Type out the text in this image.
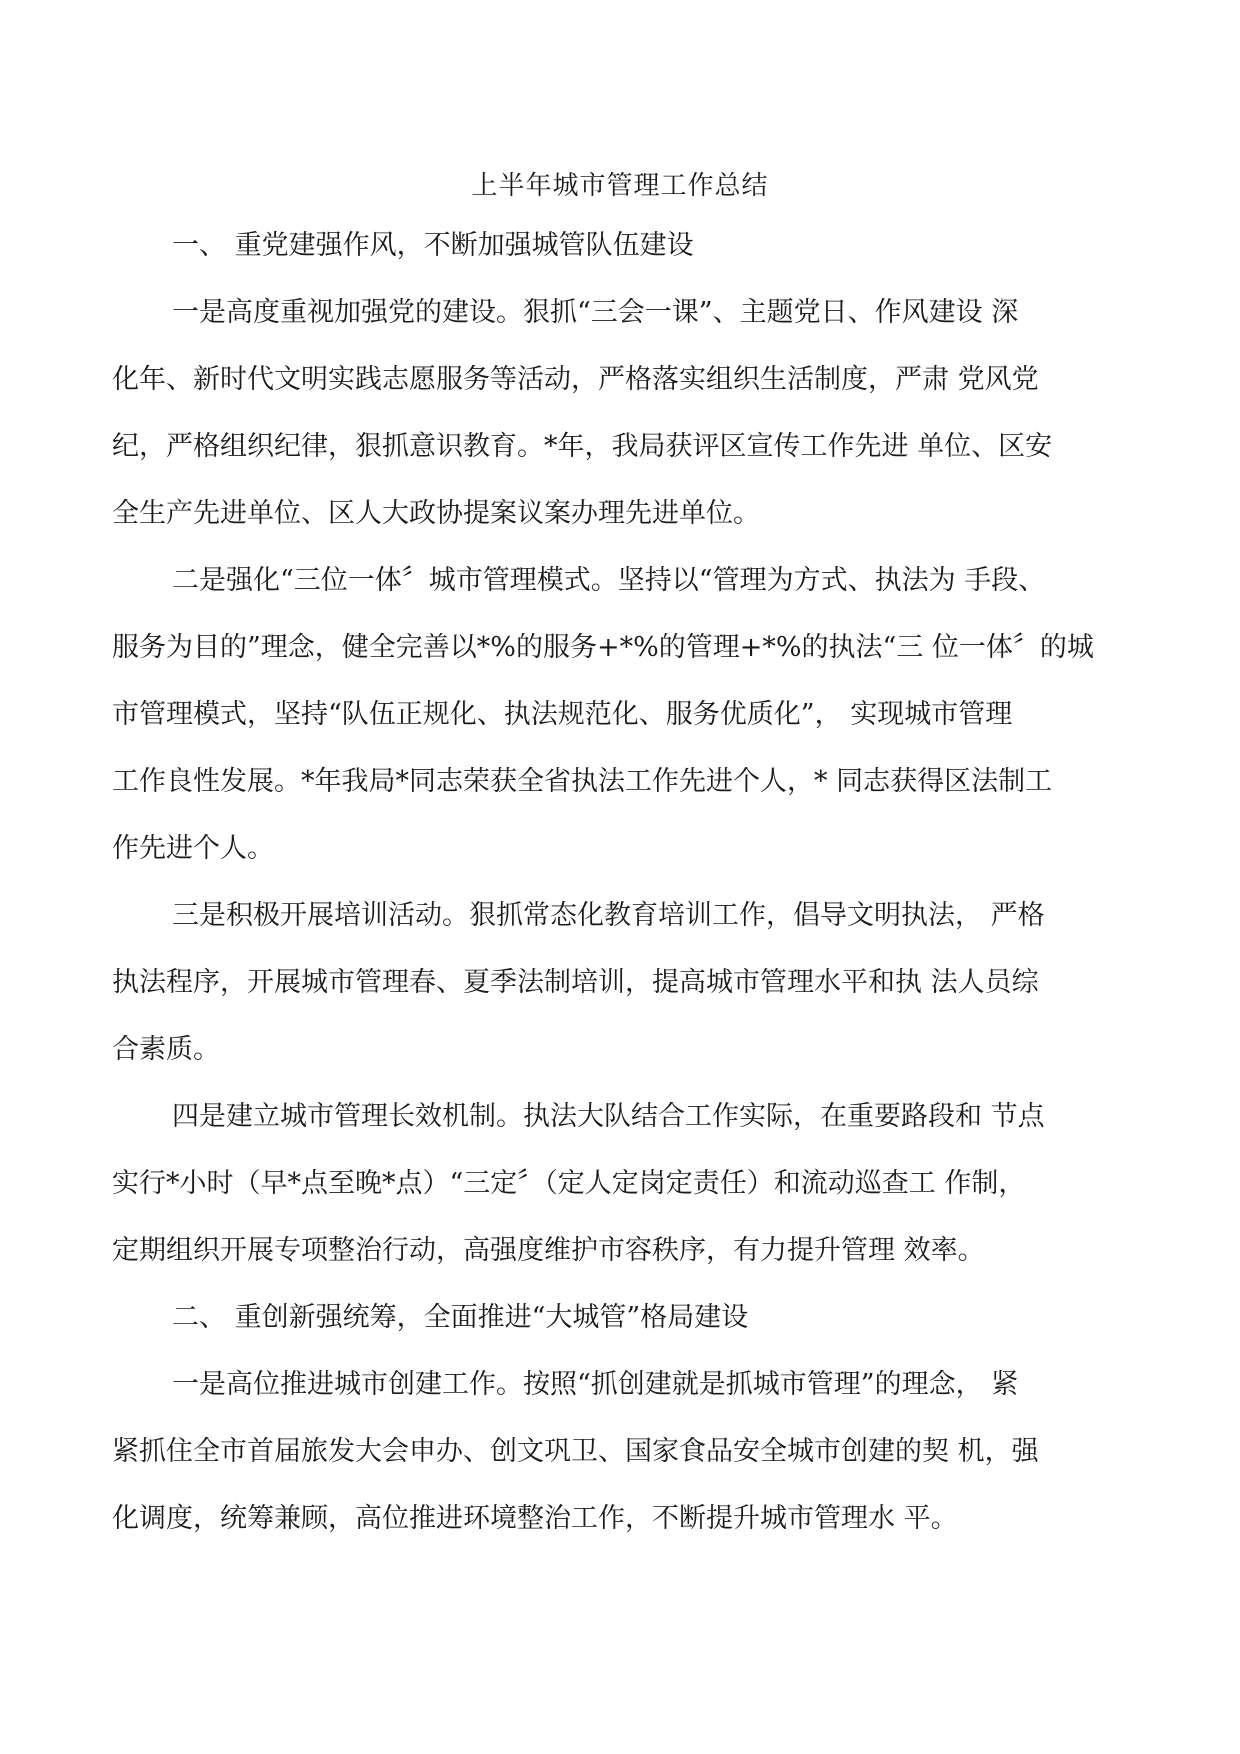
上半年城市管理工作总结
一、 重党建强作风，不断加强城管队伍建设
一是高度重视加强党的建设。狠抓“三会一课”、主题党日、作风建设 深
化年、新时代文明实践志愿服务等活动，严格落实组织生活制度，严肃 党风党
纪，严格组织纪律，狠抓意识教育。*年，我局获评区宣传工作先进 单位、区安
全生产先进单位、区人大政协提案议案办理先进单位。
二是强化“三位一体〞城市管理模式。坚持以“管理为方式、执法为 手段、
服务为目的”理念，健全完善以*%的服务+*%的管理+*%的执法“三 位一体〞的城
市管理模式，坚持“队伍正规化、执法规范化、服务优质化”， 实现城市管理
工作良性发展。*年我局*同志荣获全省执法工作先进个人，* 同志获得区法制工
作先进个人。
三是积极开展培训活动。狠抓常态化教育培训工作，倡导文明执法， 严格
执法程序，开展城市管理春、夏季法制培训，提高城市管理水平和执 法人员综
合素质。
四是建立城市管理长效机制。执法大队结合工作实际，在重要路段和 节点
实行*小时（早*点至晚*点）“三定〞（定人定岗定责任）和流动巡查工 作制，
定期组织开展专项整治行动，高强度维护市容秩序，有力提升管理 效率。
二、 重创新强统筹，全面推进“大城管”格局建设
一是高位推进城市创建工作。按照“抓创建就是抓城市管理”的理念， 紧
紧抓住全市首届旅发大会申办、创文巩卫、国家食品安全城市创建的契 机，强
化调度，统筹兼顾，高位推进环境整治工作，不断提升城市管理水 平。
